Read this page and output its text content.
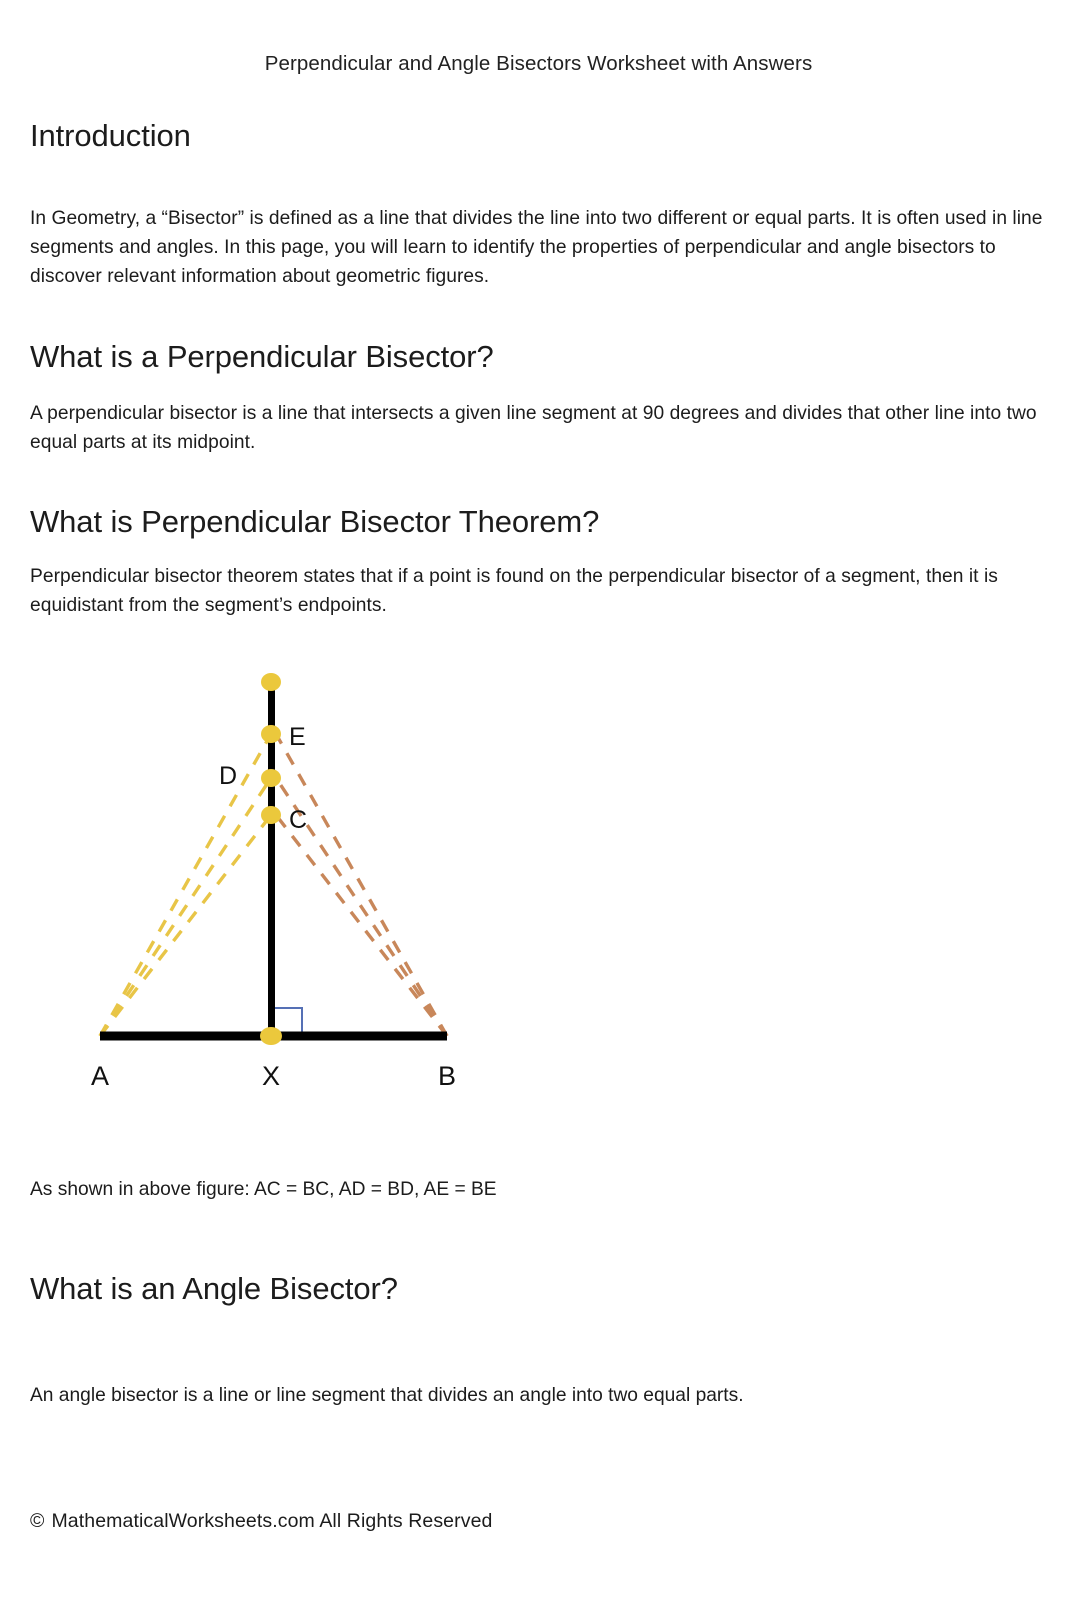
Perpendicular and Angle Bisectors Worksheet with Answers
Introduction

In Geometry, a “Bisector” is defined as a line that divides the line into two different or equal parts. It is often used in line segments and angles. In this page, you will learn to identify the properties of perpendicular and angle bisectors to discover relevant information about geometric figures.

What is a Perpendicular Bisector?

A perpendicular bisector is a line that intersects a given line segment at 90 degrees and divides that other line into two equal parts at its midpoint.

What is Perpendicular Bisector Theorem?

Perpendicular bisector theorem states that if a point is found on the perpendicular bisector of a segment, then it is equidistant from the segment’s endpoints.

E
D
C
A	X	B
As shown in above figure: AC = BC, AD = BD, AE = BE
What is an Angle Bisector?

An angle bisector is a line or line segment that divides an angle into two equal parts.

© MathematicalWorksheets.com All Rights Reserved
